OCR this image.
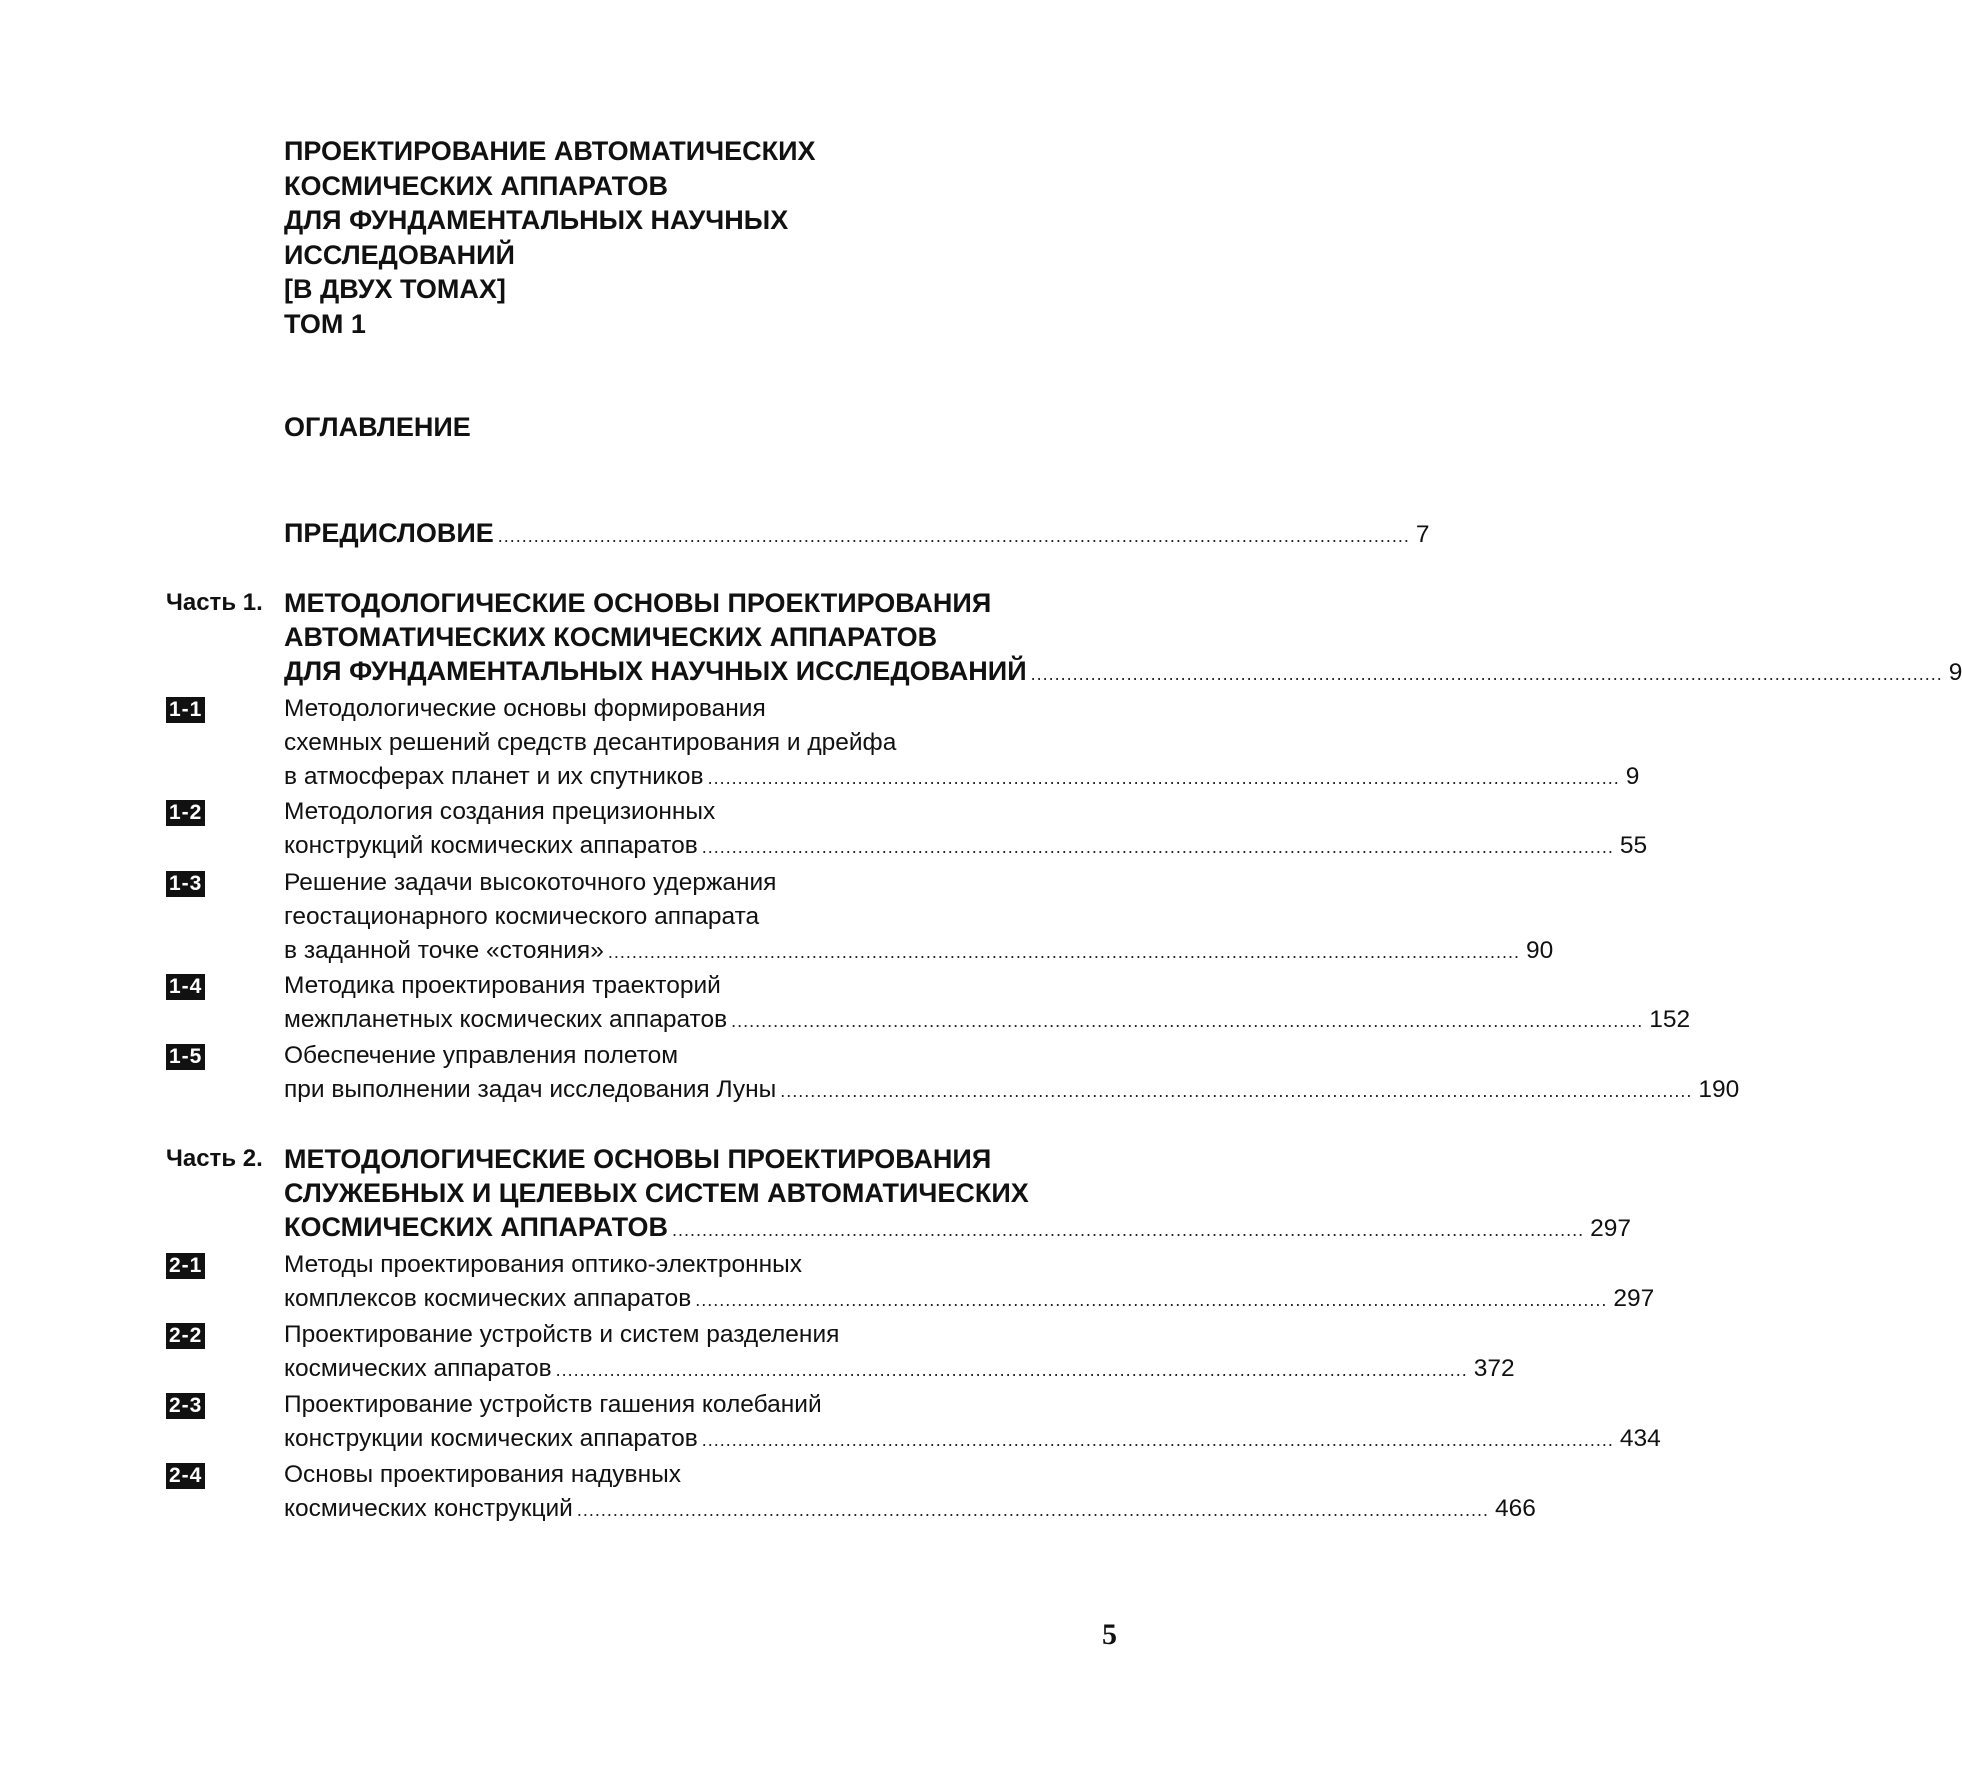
ПРОЕКТИРОВАНИЕ АВТОМАТИЧЕСКИХ
КОСМИЧЕСКИХ АППАРАТОВ
ДЛЯ ФУНДАМЕНТАЛЬНЫХ НАУЧНЫХ
ИССЛЕДОВАНИЙ
[В ДВУХ ТОМАХ]
ТОМ 1
ОГЛАВЛЕНИЕ
ПРЕДИСЛОВИЕ ........................................................................................................................................................ 7
Часть 1. МЕТОДОЛОГИЧЕСКИЕ ОСНОВЫ ПРОЕКТИРОВАНИЯ
АВТОМАТИЧЕСКИХ КОСМИЧЕСКИХ АППАРАТОВ
ДЛЯ ФУНДАМЕНТАЛЬНЫХ НАУЧНЫХ ИССЛЕДОВАНИЙ ........................................................................................................................................................ 9
1-1	Методологические основы формирования
схемных решений средств десантирования и дрейфа
в атмосферах планет и их спутников ........................................................................................................................................................ 9
1-2	Методология создания прецизионных
конструкций космических аппаратов ........................................................................................................................................................ 55
1-3	Решение задачи высокоточного удержания
геостационарного космического аппарата
в заданной точке «стояния» ........................................................................................................................................................ 90
1-4	Методика проектирования траекторий
межпланетных космических аппаратов ........................................................................................................................................................ 152
1-5	Обеспечение управления полетом
при выполнении задач исследования Луны ........................................................................................................................................................ 190
Часть 2. МЕТОДОЛОГИЧЕСКИЕ ОСНОВЫ ПРОЕКТИРОВАНИЯ
СЛУЖЕБНЫХ И ЦЕЛЕВЫХ СИСТЕМ АВТОМАТИЧЕСКИХ
КОСМИЧЕСКИХ АППАРАТОВ ........................................................................................................................................................ 297
2-1	Методы проектирования оптико-электронных
комплексов космических аппаратов ........................................................................................................................................................ 297
2-2	Проектирование устройств и систем разделения
космических аппаратов ........................................................................................................................................................ 372
2-3	Проектирование устройств гашения колебаний
конструкции космических аппаратов ........................................................................................................................................................ 434
2-4	Основы проектирования надувных
космических конструкций ........................................................................................................................................................ 466
5
